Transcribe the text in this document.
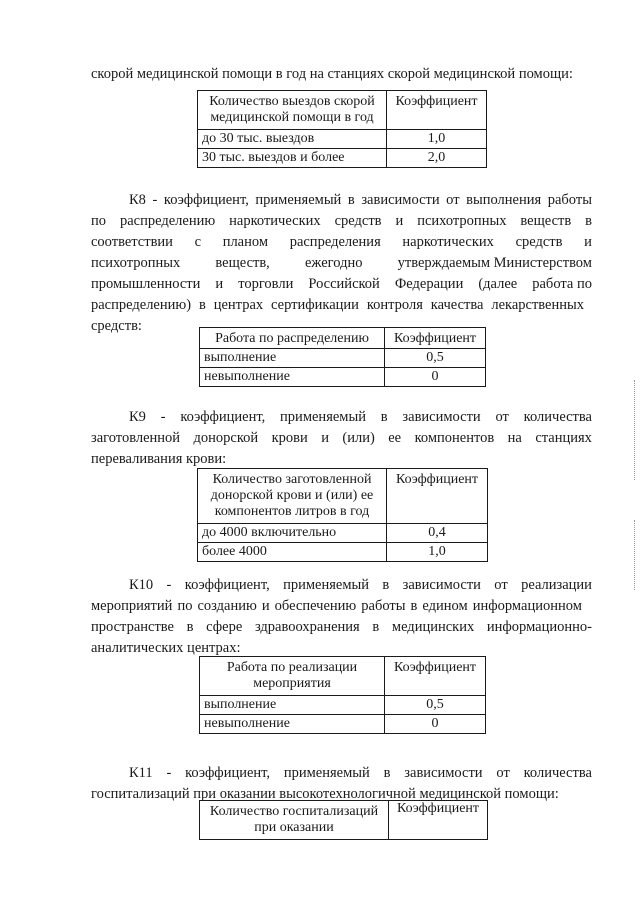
скорой медицинской помощи в год на станциях скорой медицинской помощи:
Количество выездов скорой
медицинской помощи в год	Коэффициент
до 30 тыс. выездов	1,0
30 тыс. выездов и более	2,0
К8 - коэффициент, применяемый в зависимости от выполнения работы
по распределению наркотических средств и психотропных веществ в
соответствии с планом распределения наркотических средств и
психотропных веществ, ежегодно утверждаемым Министерством
промышленности и торговли Российской Федерации (далее работа по
распределению) в центрах сертификации контроля качества лекарственных
средств:
Работа по распределению	Коэффициент
выполнение	0,5
невыполнение	0
К9 - коэффициент, применяемый в зависимости от количества
заготовленной донорской крови и (или) ее компонентов на станциях
переваливания крови:
Количество заготовленной
донорской крови и (или) ее
компонентов литров в год	Коэффициент
до 4000 включительно	0,4
более 4000	1,0
К10 - коэффициент, применяемый в зависимости от реализации
мероприятий по созданию и обеспечению работы в едином информационном
пространстве в сфере здравоохранения в медицинских информационно-
аналитических центрах:
Работа по реализации
мероприятия	Коэффициент
выполнение	0,5
невыполнение	0
К11 - коэффициент, применяемый в зависимости от количества
госпитализаций при оказании высокотехнологичной медицинской помощи:
Количество госпитализаций
при оказании	Коэффициент
